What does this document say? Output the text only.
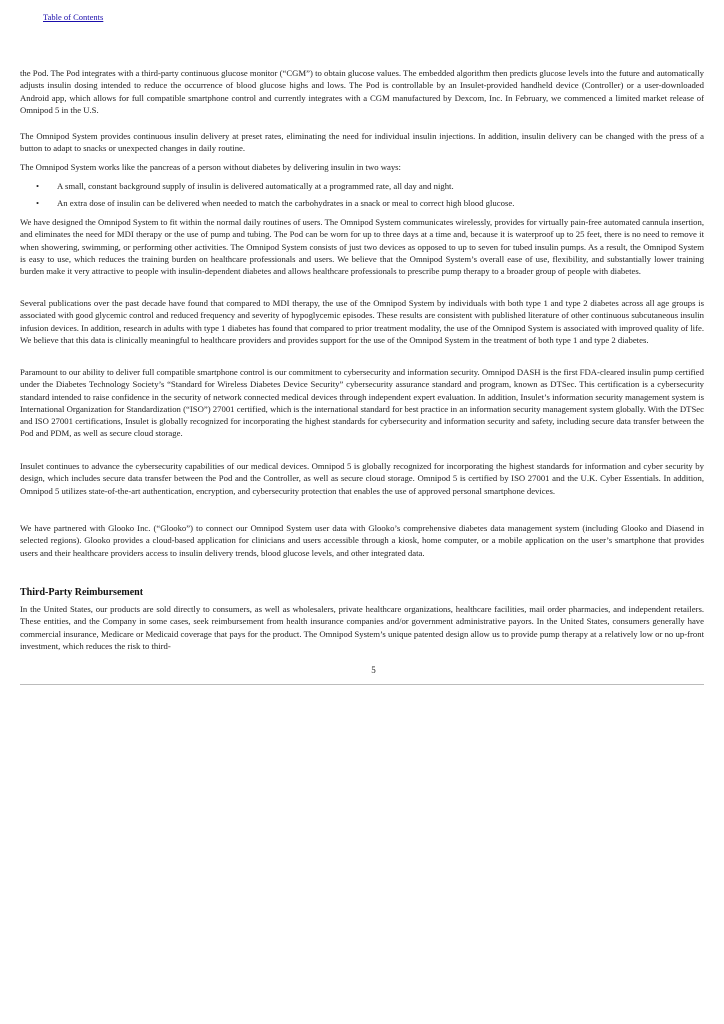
Table of Contents

the Pod. The Pod integrates with a third-party continuous glucose monitor (“CGM”) to obtain glucose values. The embedded algorithm then predicts glucose levels into the future and automatically adjusts insulin dosing intended to reduce the occurrence of blood glucose highs and lows. The Pod is controllable by an Insulet-provided handheld device (Controller) or a user-downloaded Android app, which allows for full compatible smartphone control and currently integrates with a CGM manufactured by Dexcom, Inc. In February, we commenced a limited market release of Omnipod 5 in the U.S.

The Omnipod System provides continuous insulin delivery at preset rates, eliminating the need for individual insulin injections. In addition, insulin delivery can be changed with the press of a button to adapt to snacks or unexpected changes in daily routine.

The Omnipod System works like the pancreas of a person without diabetes by delivering insulin in two ways:

• A small, constant background supply of insulin is delivered automatically at a programmed rate, all day and night.

• An extra dose of insulin can be delivered when needed to match the carbohydrates in a snack or meal to correct high blood glucose.

We have designed the Omnipod System to fit within the normal daily routines of users. The Omnipod System communicates wirelessly, provides for virtually pain-free automated cannula insertion, and eliminates the need for MDI therapy or the use of pump and tubing. The Pod can be worn for up to three days at a time and, because it is waterproof up to 25 feet, there is no need to remove it when showering, swimming, or performing other activities. The Omnipod System consists of just two devices as opposed to up to seven for tubed insulin pumps. As a result, the Omnipod System is easy to use, which reduces the training burden on healthcare professionals and users. We believe that the Omnipod System’s overall ease of use, flexibility, and substantially lower training burden make it very attractive to people with insulin-dependent diabetes and allows healthcare professionals to prescribe pump therapy to a broader group of people with diabetes.

Several publications over the past decade have found that compared to MDI therapy, the use of the Omnipod System by individuals with both type 1 and type 2 diabetes across all age groups is associated with good glycemic control and reduced frequency and severity of hypoglycemic episodes. These results are consistent with published literature of other continuous subcutaneous insulin infusion devices. In addition, research in adults with type 1 diabetes has found that compared to prior treatment modality, the use of the Omnipod System is associated with improved quality of life. We believe that this data is clinically meaningful to healthcare providers and provides support for the use of the Omnipod System in the treatment of both type 1 and type 2 diabetes.

Paramount to our ability to deliver full compatible smartphone control is our commitment to cybersecurity and information security. Omnipod DASH is the first FDA-cleared insulin pump certified under the Diabetes Technology Society’s “Standard for Wireless Diabetes Device Security” cybersecurity assurance standard and program, known as DTSec. This certification is a cybersecurity standard intended to raise confidence in the security of network connected medical devices through independent expert evaluation. In addition, Insulet’s information security management system is International Organization for Standardization (“ISO”) 27001 certified, which is the international standard for best practice in an information security management system globally. With the DTSec and ISO 27001 certifications, Insulet is globally recognized for incorporating the highest standards for cybersecurity and information security and safety, including secure data transfer between the Pod and PDM, as well as secure cloud storage.

Insulet continues to advance the cybersecurity capabilities of our medical devices. Omnipod 5 is globally recognized for incorporating the highest standards for information and cyber security by design, which includes secure data transfer between the Pod and the Controller, as well as secure cloud storage. Omnipod 5 is certified by ISO 27001 and the U.K. Cyber Essentials. In addition, Omnipod 5 utilizes state-of-the-art authentication, encryption, and cybersecurity protection that enables the use of approved personal smartphone devices.

We have partnered with Glooko Inc. (“Glooko”) to connect our Omnipod System user data with Glooko’s comprehensive diabetes data management system (including Glooko and Diasend in selected regions). Glooko provides a cloud-based application for clinicians and users accessible through a kiosk, home computer, or a mobile application on the user’s smartphone that provides users and their healthcare providers access to insulin delivery trends, blood glucose levels, and other integrated data.

Third-Party Reimbursement

In the United States, our products are sold directly to consumers, as well as wholesalers, private healthcare organizations, healthcare facilities, mail order pharmacies, and independent retailers. These entities, and the Company in some cases, seek reimbursement from health insurance companies and/or government administrative payors. In the United States, consumers generally have commercial insurance, Medicare or Medicaid coverage that pays for the product. The Omnipod System’s unique patented design allow us to provide pump therapy at a relatively low or no up-front investment, which reduces the risk to third-

5
